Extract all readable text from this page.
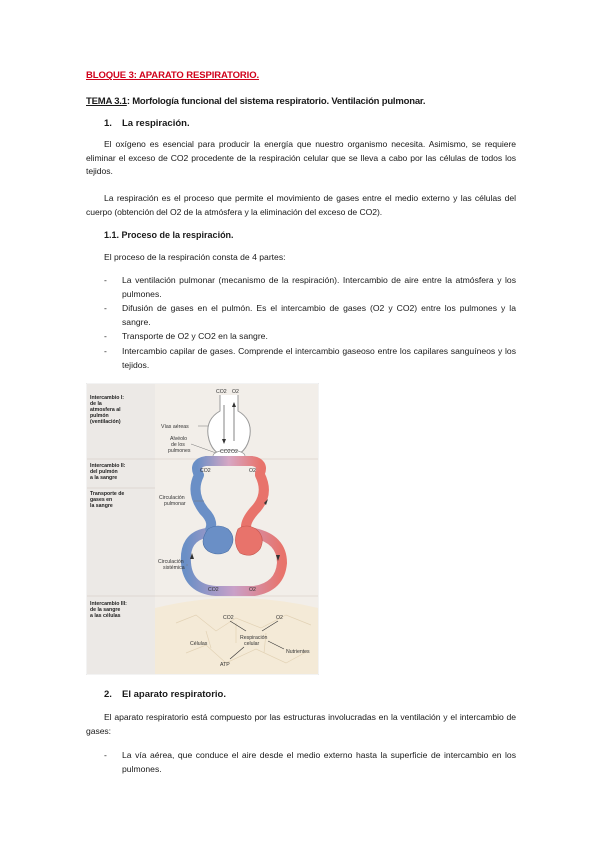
BLOQUE 3: APARATO RESPIRATORIO.
TEMA 3.1: Morfología funcional del sistema respiratorio. Ventilación pulmonar.
1. La respiración.
El oxígeno es esencial para producir la energía que nuestro organismo necesita. Asimismo, se requiere eliminar el exceso de CO2 procedente de la respiración celular que se lleva a cabo por las células de todos los tejidos.
La respiración es el proceso que permite el movimiento de gases entre el medio externo y las células del cuerpo (obtención del O2 de la atmósfera y la eliminación del exceso de CO2).
1.1. Proceso de la respiración.
El proceso de la respiración consta de 4 partes:
- La ventilación pulmonar (mecanismo de la respiración). Intercambio de aire entre la atmósfera y los pulmones.
- Difusión de gases en el pulmón. Es el intercambio de gases (O2 y CO2) entre los pulmones y la sangre.
- Transporte de O2 y CO2 en la sangre.
- Intercambio capilar de gases. Comprende el intercambio gaseoso entre los capilares sanguíneos y los tejidos.
Intercambio I:
de la
atmosfera al
pulmón
(ventilación)
Intercambio II:
del pulmón
a la sangre
Transporte de
gases en
la sangre
Intercambio III:
de la sangre
a las células
CO2 O2
CO2 O2
CO2	O2
CO2	O2
Vías aéreas
Alvéolo
de los
pulmones
Circulación
pulmonar
Circulación
sistémica
CO2	O2
Respiración
celular
Células
Nutrientes
ATP
2. El aparato respiratorio.
El aparato respiratorio está compuesto por las estructuras involucradas en la ventilación y el intercambio de gases:
- La vía aérea, que conduce el aire desde el medio externo hasta la superficie de intercambio en los pulmones.
